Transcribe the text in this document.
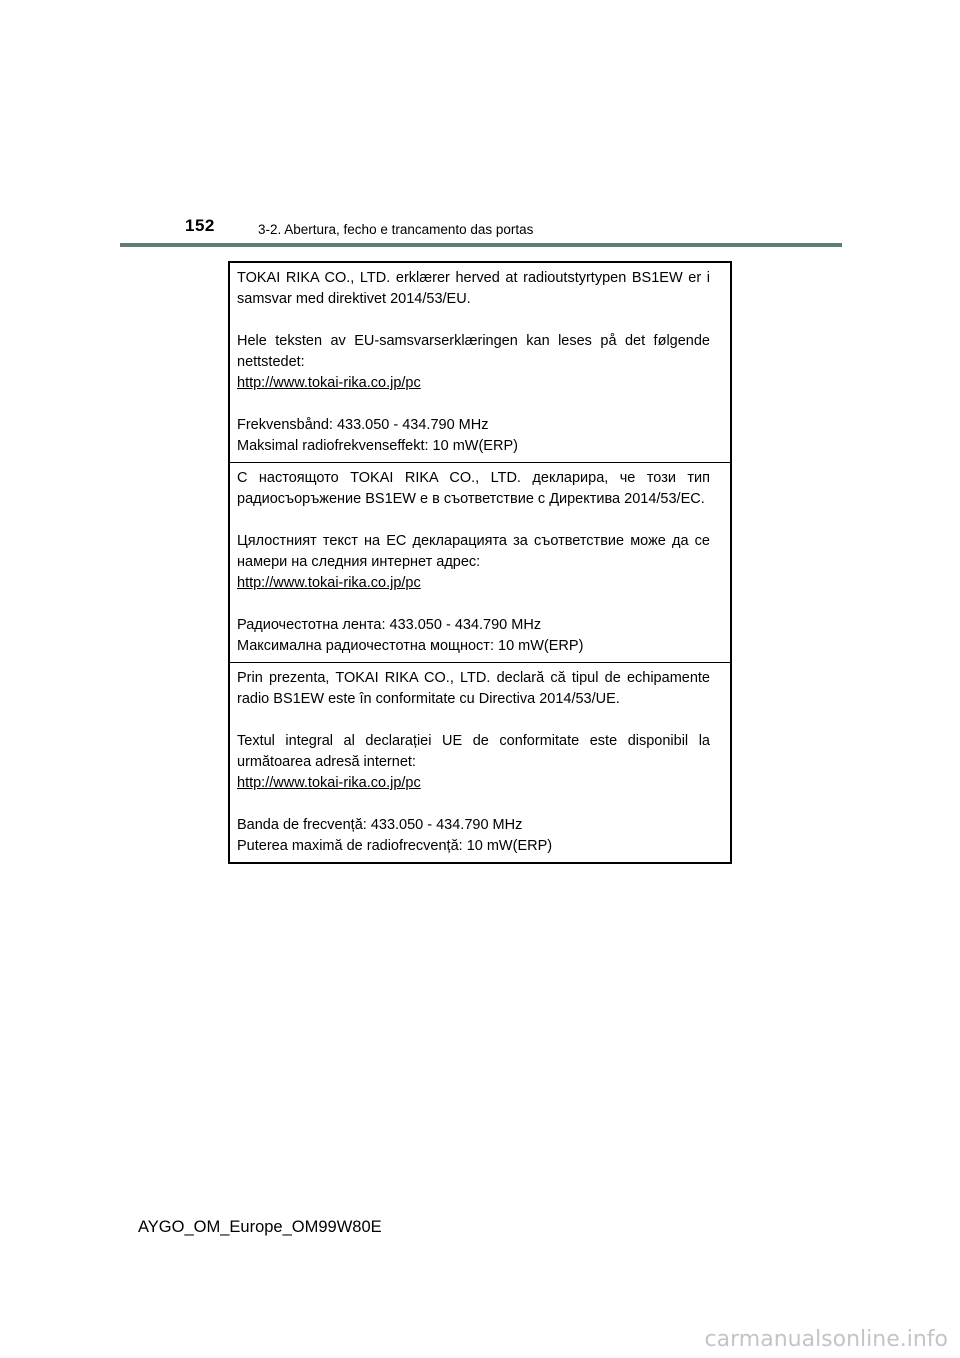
152	3-2. Abertura, fecho e trancamento das portas

TOKAI RIKA CO., LTD. erklærer herved at radioutstyrtypen BS1EW er i samsvar med direktivet 2014/53/EU.

Hele teksten av EU-samsvarserklæringen kan leses på det følgende nettstedet:

http://www.tokai-rika.co.jp/pc

Frekvensbånd: 433.050 - 434.790 MHz

Maksimal radiofrekvenseffekt: 10 mW(ERP)

С настоящото TOKAI RIKA CO., LTD. декларира, че този тип радиосъоръжение BS1EW е в съответствие с Директива 2014/53/ЕС.

Цялостният текст на ЕС декларацията за съответствие може да се намери на следния интернет адрес:

http://www.tokai-rika.co.jp/pc

Радиочестотна лента: 433.050 - 434.790 MHz

Максимална радиочестотна мощност: 10 mW(ERP)

Prin prezenta, TOKAI RIKA CO., LTD. declară că tipul de echipamente radio BS1EW este în conformitate cu Directiva 2014/53/UE.

Textul integral al declarației UE de conformitate este disponibil la următoarea adresă internet:

http://www.tokai-rika.co.jp/pc

Banda de frecvență: 433.050 - 434.790 MHz

Puterea maximă de radiofrecvență: 10 mW(ERP)

AYGO_OM_Europe_OM99W80E
carmanualsonline.info
